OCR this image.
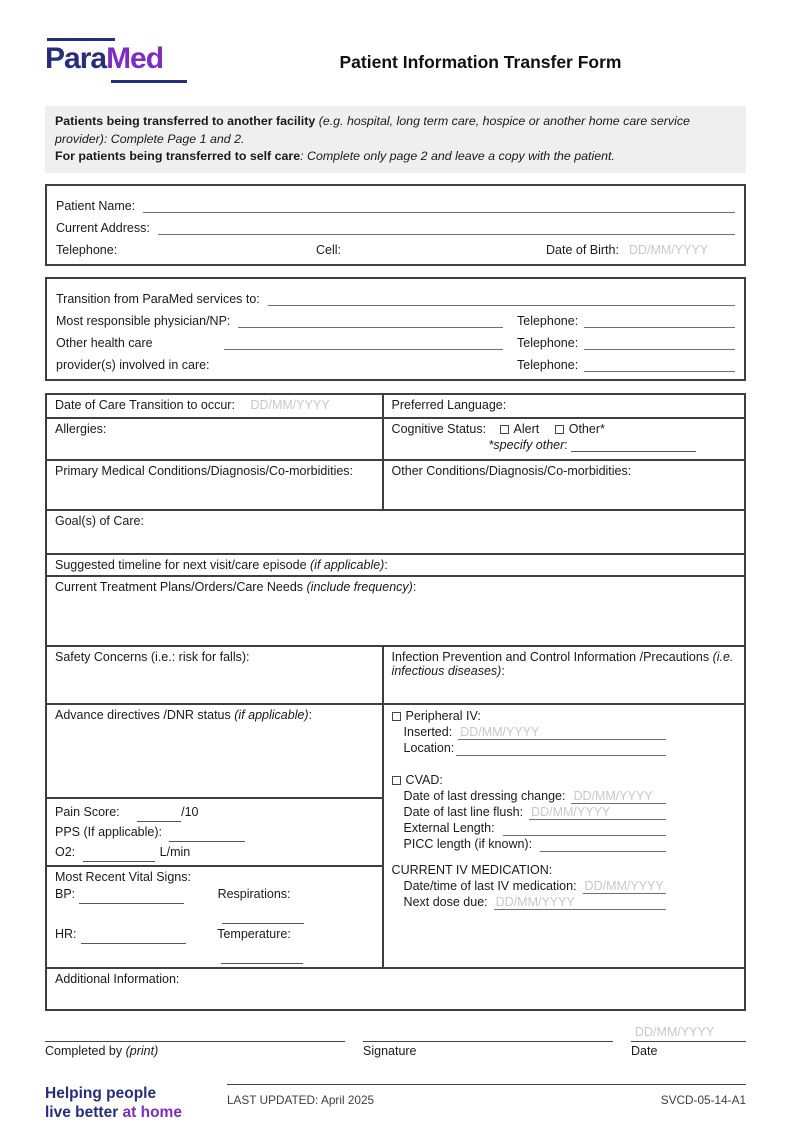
ParaMed	Patient Information Transfer Form
Patients being transferred to another facility (e.g. hospital, long term care, hospice or another home care service provider): Complete Page 1 and 2.
For patients being transferred to self care: Complete only page 2 and leave a copy with the patient.
Patient Name:
Current Address:
Telephone:	Cell:	Date of Birth: DD/MM/YYYY
Transition from ParaMed services to:
Most responsible physician/NP:	Telephone:
Other health care	Telephone:
provider(s) involved in care:	Telephone:
Date of Care Transition to occur: DD/MM/YYYY	Preferred Language:
Allergies:	Cognitive Status: Alert Other*
*specify other:
Primary Medical Conditions/Diagnosis/Co-morbidities:	Other Conditions/Diagnosis/Co-morbidities:
Goal(s) of Care:
Suggested timeline for next visit/care episode (if applicable):
Current Treatment Plans/Orders/Care Needs (include frequency):
Safety Concerns (i.e.: risk for falls):	Infection Prevention and Control Information /Precautions (i.e. infectious diseases):
Advance directives /DNR status (if applicable):
Pain Score:	/10
PPS (If applicable):
O2:	L/min
Most Recent Vital Signs:
BP:	Respirations:
HR:	Temperature:
Peripheral IV:
Inserted: DD/MM/YYYY
Location:
CVAD:
Date of last dressing change: DD/MM/YYYY
Date of last line flush: DD/MM/YYYY
External Length:
PICC length (if known):
CURRENT IV MEDICATION:
Date/time of last IV medication: DD/MM/YYYY
Next dose due: DD/MM/YYYY
Additional Information:
Completed by (print)	Signature
DD/MM/YYYY
Date
Helping people
live better at home
LAST UPDATED: April 2025	SVCD-05-14-A1
